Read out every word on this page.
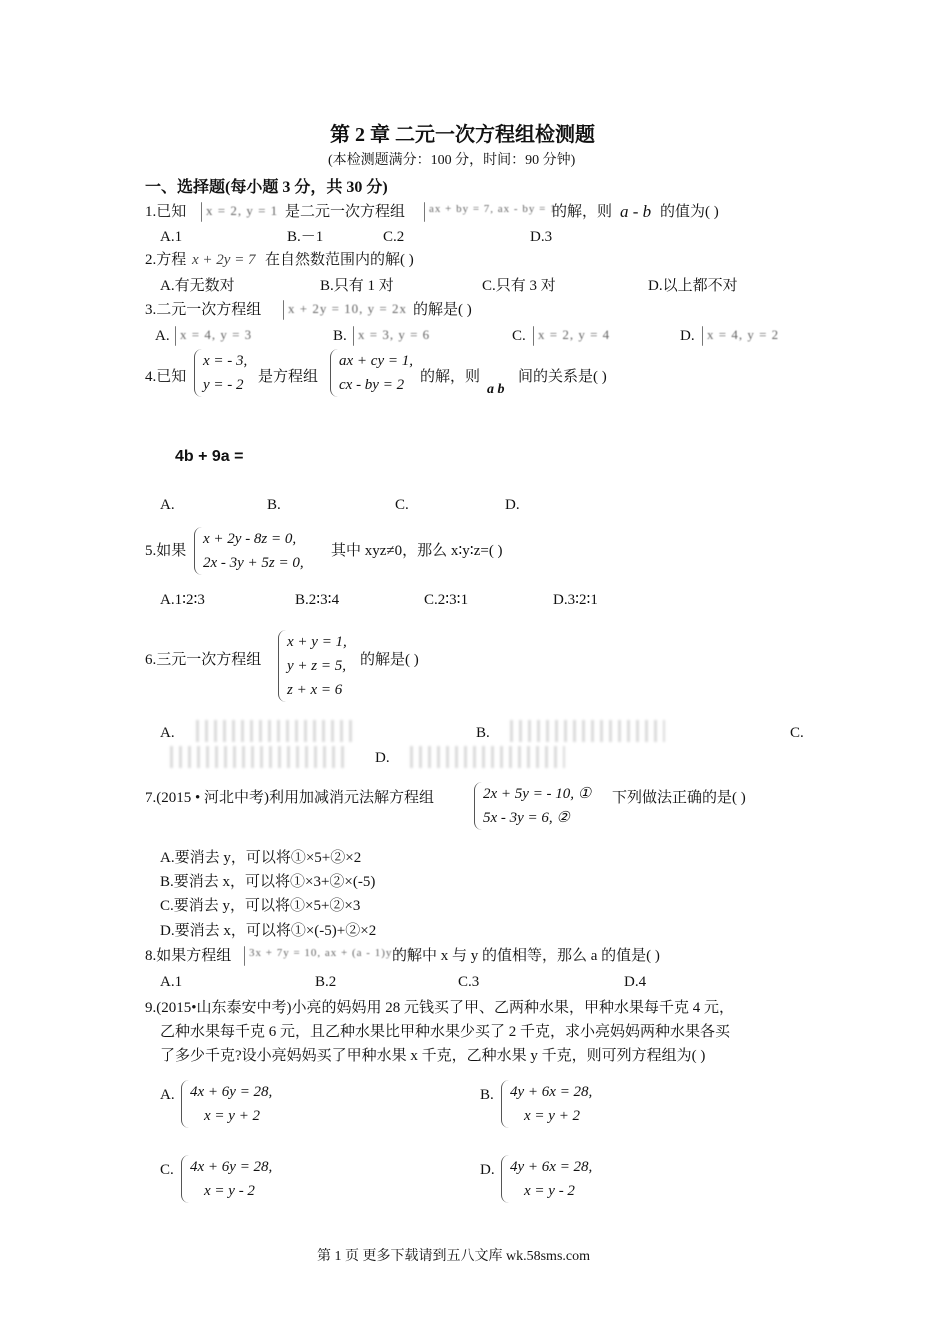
第 2 章 二元一次方程组检测题
(本检测题满分：100 分，时间：90 分钟)
一、选择题(每小题 3 分，共 30 分)
1.已知 x = 2, y = 1 是二元一次方程组 ax + by = 7, ax - by = 1
的解，则 a - b 的值为( )
A.1	B.－1	C.2	D.3
2.方程 x + 2y = 7 在自然数范围内的解( )
A.有无数对	B.只有 1 对	C.只有 3 对	D.以上都不对
3.二元一次方程组 x + 2y = 10, y = 2x 的解是( )
A. x = 4, y = 3	B. x = 3, y = 6	C. x = 2, y = 4	D. x = 4, y = 2
4.已知
x = - 3,
y = - 2 是方程组
ax + cy = 1,
cx - by = 2	的解，则
a b
间的关系是( )
4b + 9a =
A.	B.	C.	D.
5.如果
x + 2y - 8z = 0,
2x - 3y + 5z = 0,
其中 xyz≠0，那么 x∶y∶z=( )
A.1∶2∶3	B.2∶3∶4	C.2∶3∶1	D.3∶2∶1
6.三元一次方程组
x + y = 1,
y + z = 5,
z + x = 6
的解是( )
A.	B.	C.
D.
7.(2015 • 河北中考)利用加减消元法解方程组	2x + 5y = - 10, ①
5x - 3y = 6, ②
下列做法正确的是( )
A.要消去 y，可以将①×5+②×2
B.要消去 x，可以将①×3+②×(-5)
C.要消去 y，可以将①×5+②×3
D.要消去 x，可以将①×(-5)+②×2
8.如果方程组 3x + 7y = 10, ax + (a - 1)y = 5
的解中 x 与 y 的值相等，那么 a 的值是( )
A.1	B.2	C.3	D.4
9.(2015•山东泰安中考)小亮的妈妈用 28 元钱买了甲、乙两种水果，甲种水果每千克 4 元，
乙种水果每千克 6 元，且乙种水果比甲种水果少买了 2 千克，求小亮妈妈两种水果各买
了多少千克?设小亮妈妈买了甲种水果 x 千克，乙种水果 y 千克，则可列方程组为( )
A. 4x + 6y = 28,
x = y + 2
B. 4y + 6x = 28,
x = y + 2
C. 4x + 6y = 28,
x = y - 2
D. 4y + 6x = 28,
x = y - 2
第 1 页 更多下载请到五八文库 wk.58sms.com
